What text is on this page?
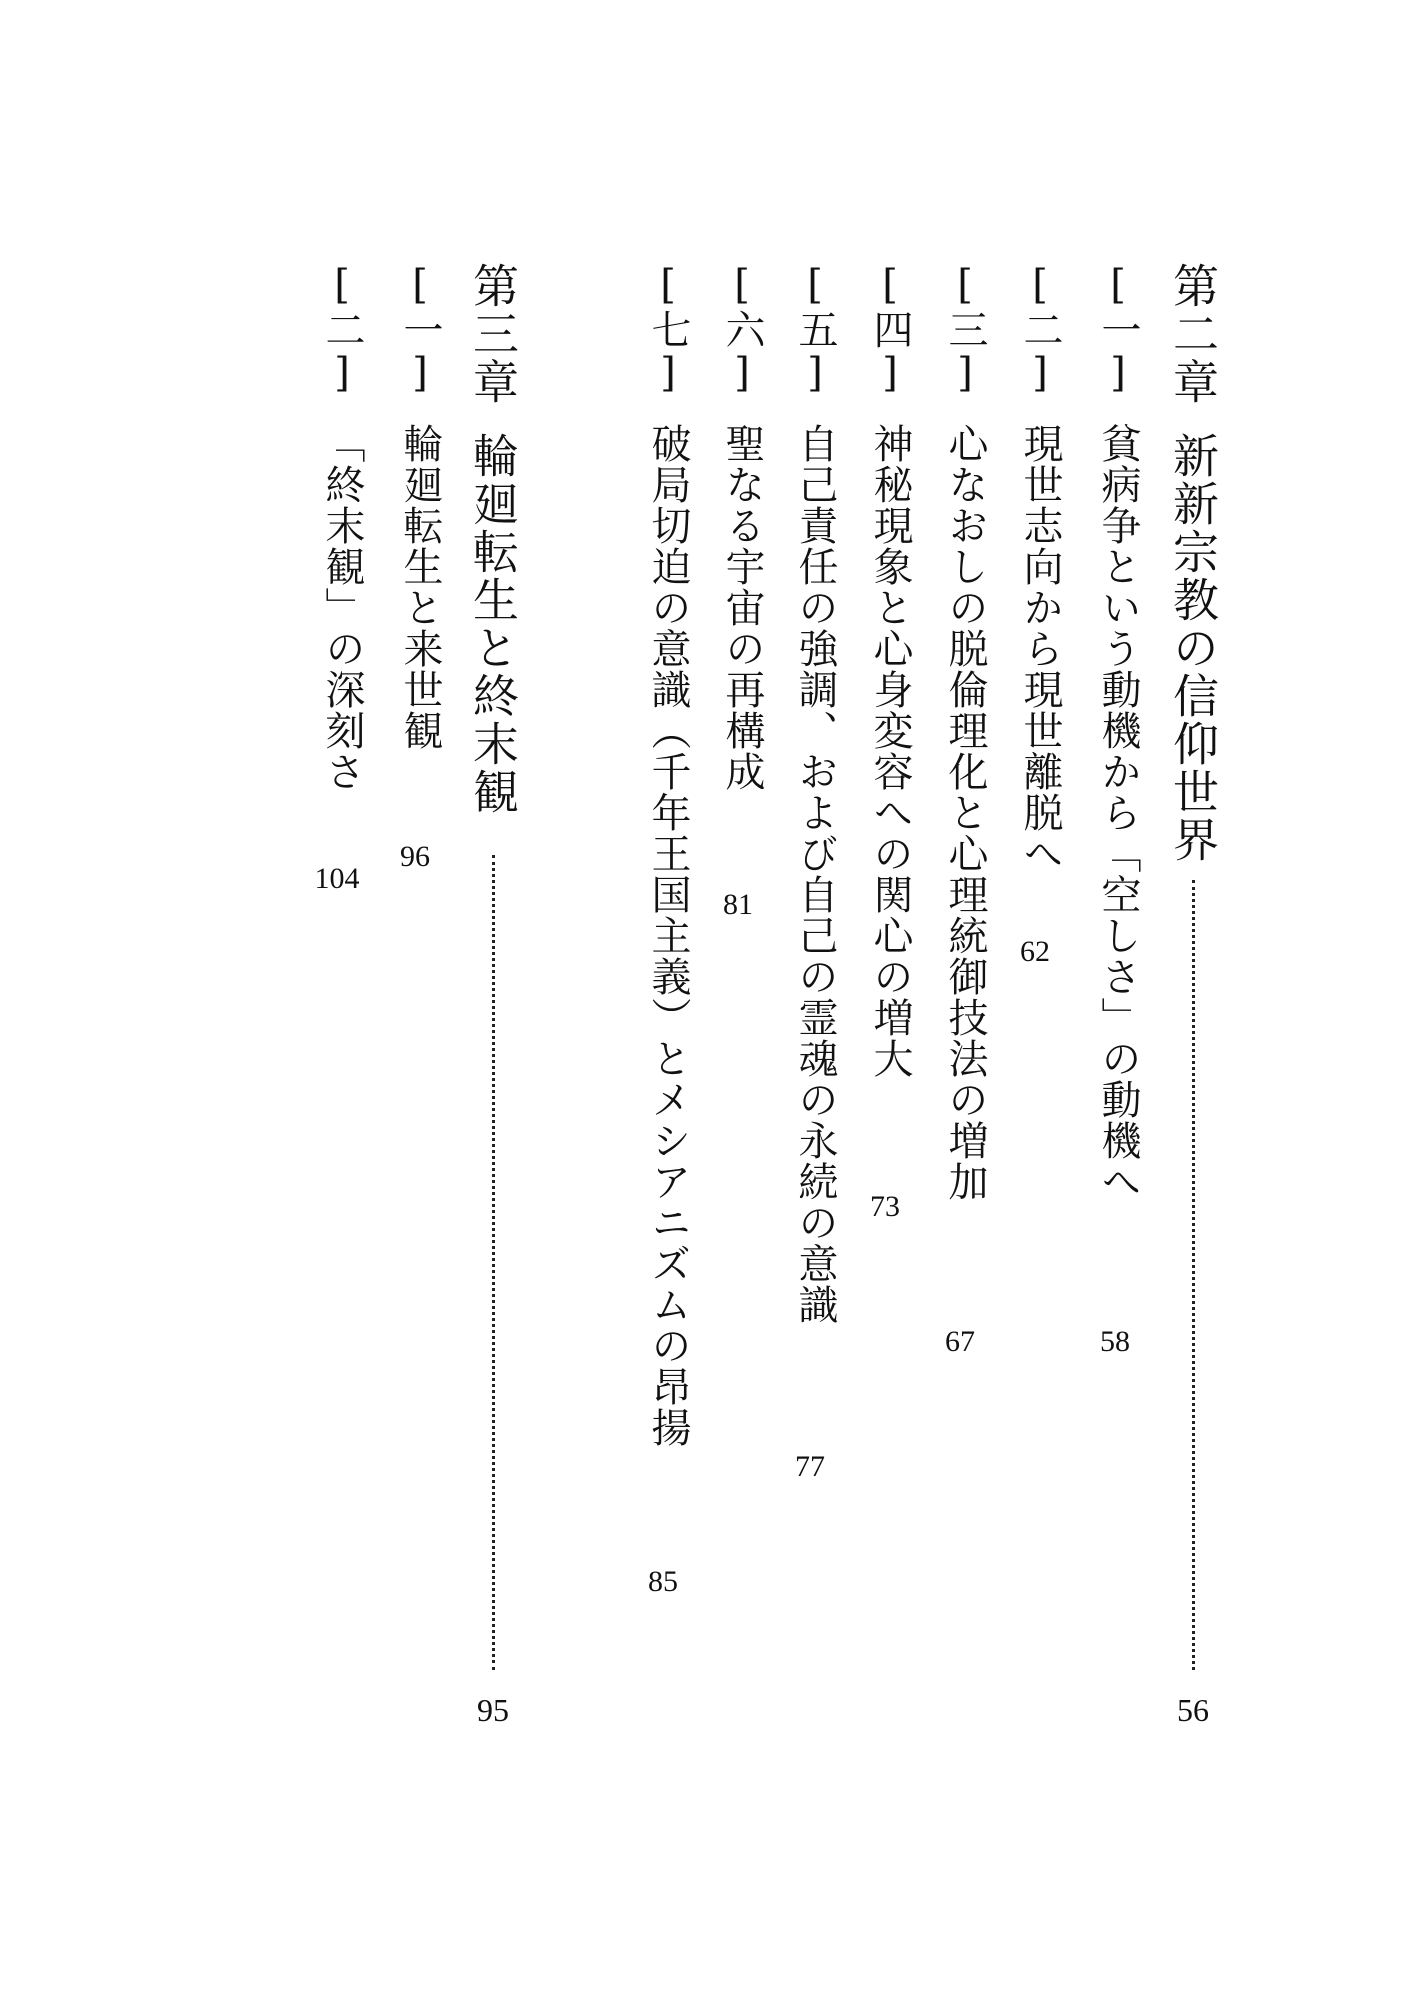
第二章新新宗教の信仰世界
56
[一]貧病争という動機から「空しさ」の動機へ
58
[二]現世志向から現世離脱へ
62
[三]心なおしの脱倫理化と心理統御技法の増加
67
[四]神秘現象と心身変容への関心の増大
73
[五]自己責任の強調、および自己の霊魂の永続の意識
77
[六]聖なる宇宙の再構成
81
[七]破局切迫の意識（千年王国主義）とメシアニズムの昂揚
85
第三章輪廻転生と終末観
95
[一]輪廻転生と来世観
96
[二]「終末観」の深刻さ
104
